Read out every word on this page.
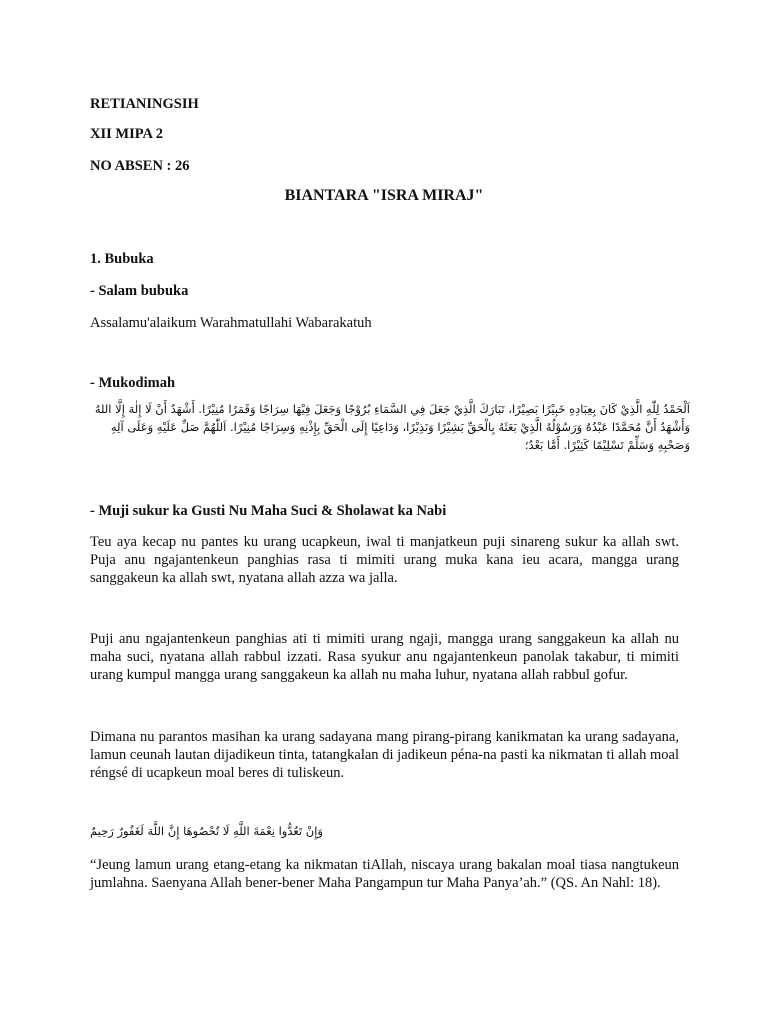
RETIANINGSIH
XII MIPA 2
NO ABSEN : 26
BIANTARA "ISRA MIRAJ"
1. Bubuka
- Salam bubuka
Assalamu'alaikum Warahmatullahi Wabarakatuh
- Mukodimah
اَلْحَمْدُ لِلّٰهِ الَّذِيْ كَانَ بِعِبَادِهِ خَبِيْرًا بَصِيْرًا، تَبَارَكَ الَّذِيْ جَعَلَ فِي السَّمَاءِ بُرُوْجًا وَجَعَلَ فِيْهَا سِرَاجًا وَقَمَرًا مُنِيْرًا. أَشْهَدُ أَنْ لَا إِلٰهَ إِلَّا اللهُ وَأَشْهَدُ أَنَّ مُحَمَّدًا عَبْدُهُ وَرَسُوْلُهُ الَّذِيْ بَعَثَهُ بِالْحَقِّ بَشِيْرًا وَنَذِيْرًا، وَدَاعِيًا إِلَى الْحَقِّ بِإِذْنِهِ وَسِرَاجًا مُنِيْرًا. اَللّٰهُمَّ صَلِّ عَلَيْهِ وَعَلَى آلِهِ وَصَحْبِهِ وَسَلِّمْ تَسْلِيْمًا كَثِيْرًا. أَمَّا بَعْدُ؛
- Muji sukur ka Gusti Nu Maha Suci & Sholawat ka Nabi
Teu aya kecap nu pantes ku urang ucapkeun, iwal ti manjatkeun puji sinareng sukur ka allah swt. Puja anu ngajantenkeun panghias rasa ti mimiti urang muka kana ieu acara, mangga urang sanggakeun ka allah swt, nyatana allah azza wa jalla.
Puji anu ngajantenkeun panghias ati ti mimiti urang ngaji, mangga urang sanggakeun ka allah nu maha suci, nyatana allah rabbul izzati. Rasa syukur anu ngajantenkeun panolak takabur, ti mimiti urang kumpul mangga urang sanggakeun ka allah nu maha luhur, nyatana allah rabbul gofur.
Dimana nu parantos masihan ka urang sadayana mang pirang-pirang kanikmatan ka urang sadayana, lamun ceunah lautan dijadikeun tinta, tatangkalan di jadikeun péna-na pasti ka nikmatan ti allah moal réngsé di ucapkeun moal beres di tuliskeun.
وَإِنْ تَعُدُّوا نِعْمَةَ اللَّهِ لَا تُحْصُوهَا إِنَّ اللَّهَ لَغَفُورٌ رَحِيمٌ
“Jeung lamun urang etang-etang ka nikmatan tiAllah, niscaya urang bakalan moal tiasa nangtukeun jumlahna. Saenyana Allah bener-bener Maha Pangampun tur Maha Panya’ah.” (QS. An Nahl: 18).
